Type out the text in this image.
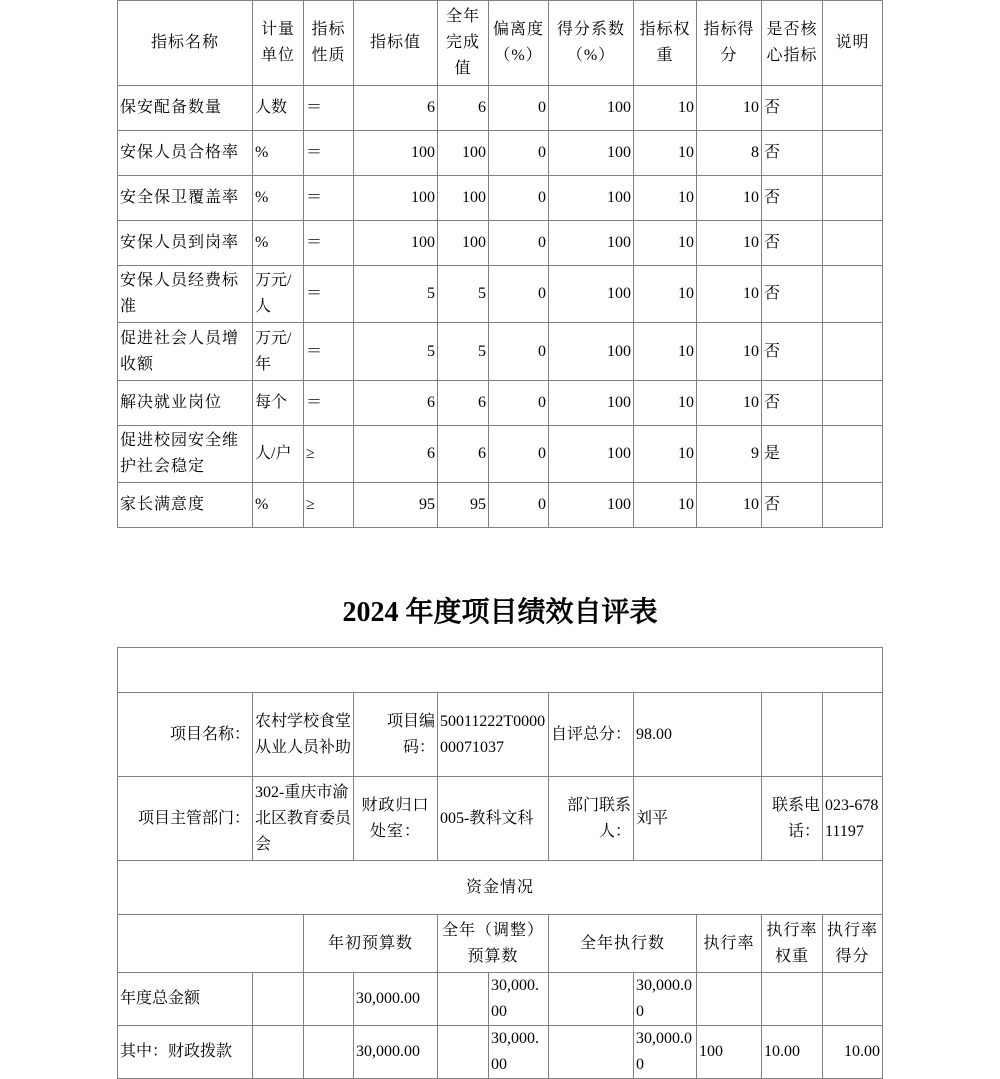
指标名称	计量单位	指标性质	指标值	全年完成值	偏离度（%）	得分系数（%）	指标权重	指标得分	是否核心指标	说明
保安配备数量	人数	＝	6	6	0	100	10	10	否	
安保人员合格率	%	＝	100	100	0	100	10	8	否	
安全保卫覆盖率	%	＝	100	100	0	100	10	10	否	
安保人员到岗率	%	＝	100	100	0	100	10	10	否	
安保人员经费标准	万元/人	＝	5	5	0	100	10	10	否	
促进社会人员增收额	万元/年	＝	5	5	0	100	10	10	否	
解决就业岗位	每个	＝	6	6	0	100	10	10	否	
促进校园安全维护社会稳定	人/户	≥	6	6	0	100	10	9	是	
家长满意度	%	≥	95	95	0	100	10	10	否	
2024 年度项目绩效自评表

项目名称：	农村学校食堂从业人员补助		项目编码：	50011222T000000071037		自评总分：	98.00			
项目主管部门：	302-重庆市渝北区教育委员会		财政归口处室：	005-教科文科		部门联系人：	刘平		联系电话：	023-67811197
资金情况										
		年初预算数		全年（调整）预算数		全年执行数		执行率	执行率权重	执行率得分
年度总金额			30,000.00		30,000.00		30,000.00			
其中：财政拨款			30,000.00		30,000.00		30,000.00	100	10.00	10.00
